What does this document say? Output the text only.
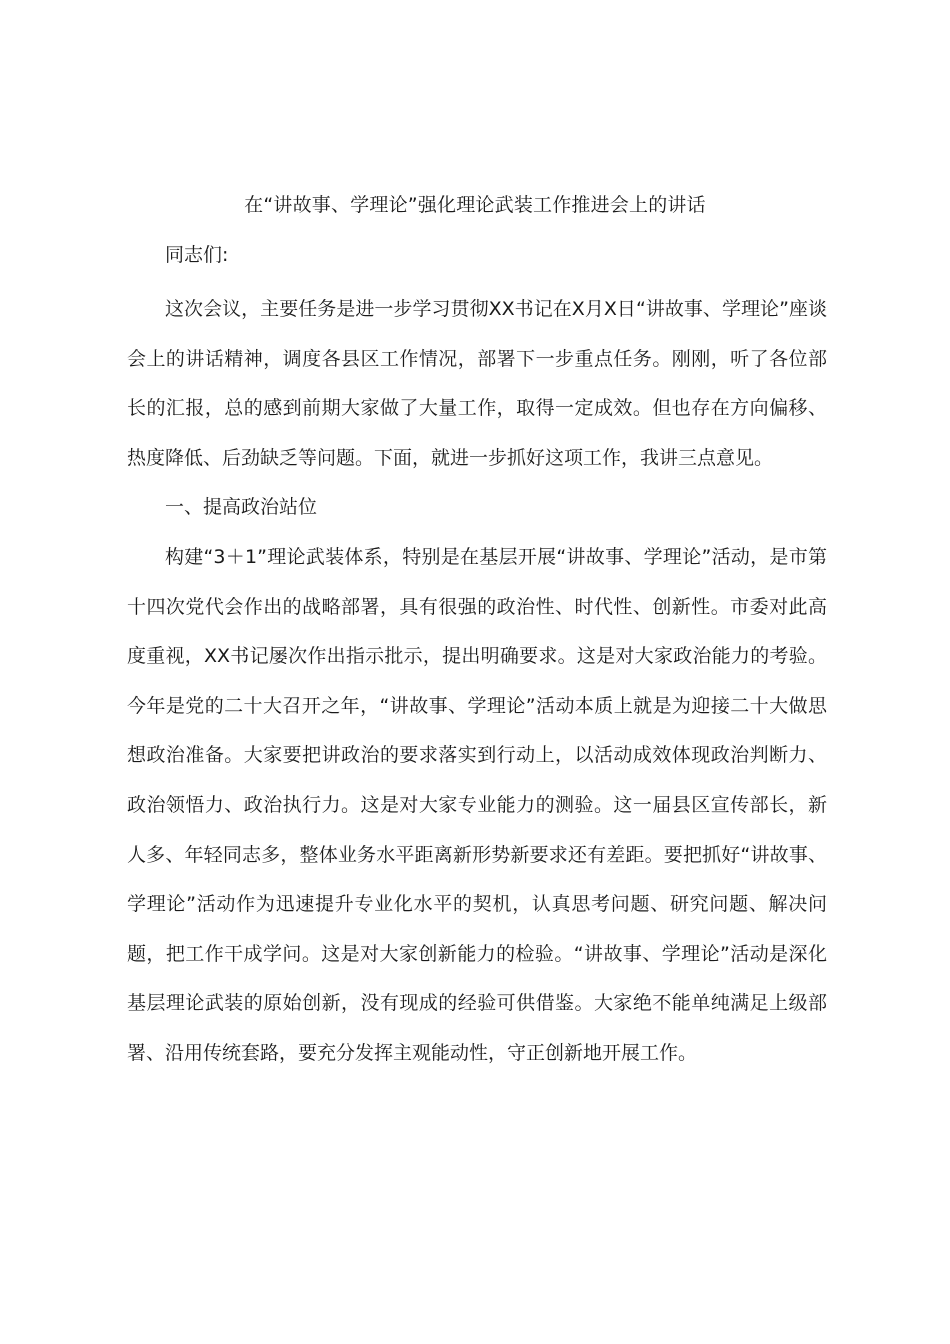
在“讲故事、学理论”强化理论武装工作推进会上的讲话
同志们:

这次会议，主要任务是进一步学习贯彻XX书记在X月X日“讲故事、学理论”座谈会上的讲话精神，调度各县区工作情况，部署下一步重点任务。刚刚，听了各位部长的汇报，总的感到前期大家做了大量工作，取得一定成效。但也存在方向偏移、热度降低、后劲缺乏等问题。下面，就进一步抓好这项工作，我讲三点意见。

一、提高政治站位

构建“3＋1”理论武装体系，特别是在基层开展“讲故事、学理论”活动，是市第十四次党代会作出的战略部署，具有很强的政治性、时代性、创新性。市委对此高度重视，XX书记屡次作出指示批示，提出明确要求。这是对大家政治能力的考验。今年是党的二十大召开之年，“讲故事、学理论”活动本质上就是为迎接二十大做思想政治准备。大家要把讲政治的要求落实到行动上，以活动成效体现政治判断力、政治领悟力、政治执行力。这是对大家专业能力的测验。这一届县区宣传部长，新人多、年轻同志多，整体业务水平距离新形势新要求还有差距。要把抓好“讲故事、学理论”活动作为迅速提升专业化水平的契机，认真思考问题、研究问题、解决问题，把工作干成学问。这是对大家创新能力的检验。“讲故事、学理论”活动是深化基层理论武装的原始创新，没有现成的经验可供借鉴。大家绝不能单纯满足上级部署、沿用传统套路，要充分发挥主观能动性，守正创新地开展工作。
